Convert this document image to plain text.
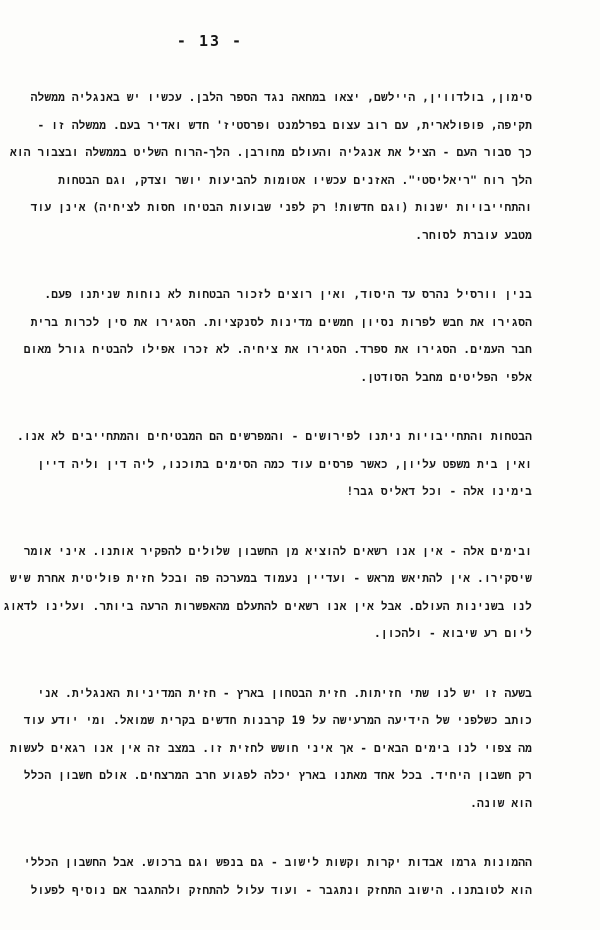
- 13 -
סימון, בולדווין, היילשם, יצאו במחאה נגד הספר הלבן. עכשיו יש באנגליה ממשלה
תקיפה, פופולארית, עם רוב עצום בפרלמנט ופרסטיז' חדש ואדיר בעם. ממשלה זו -
כך סבור העם - הציל את אנגליה והעולם מחורבן. הלך-הרוח השליט בממשלה ובצבור הוא
הלך רוח "ריאליסטי". האזנים עכשיו אטומות להביעות יושר וצדק, וגם הבטחות
והתחייבויות ישנות (וגם חדשות! רק לפני שבועות הבטיחו חסות לציחיה) אינן עוד
מטבע עוברת לסוחר.
בנין וורסיל נהרס עד היסוד, ואין רוצים לזכור הבטחות לא נוחות שניתנו פעם.
הסגירו את חבש לפרות נסיון חמשים מדינות לסנקציות. הסגירו את סין לכרות ברית
חבר העמים. הסגירו את ספרד. הסגירו את ציחיה. לא זכרו אפילו להבטיח גורל מאום
אלפי הפליטים מחבל הסודטן.
הבטחות והתחייבויות ניתנו לפירושים - והמפרשים הם המבטיחים והמתחייבים לא אנו.
ואין בית משפט עליון, כאשר פרסים עוד כמה הסימים בתוכנו, ליה דין וליה דיין
בימינו אלה - וכל דאליס גבר!
ובימים אלה - אין אנו רשאים להוציא מן החשבון שלולים להפקיר אותנו. איני אומר
שיסקירו. אין להתיאש מראש - ועדיין נעמוד במערכה פה ובכל חזית פוליטית אחרת שיש
לנו בשנינות העולם. אבל אין אנו רשאים להתעלם מהאפשרות הרעה ביותר. ועלינו לדאוג
ליום רע שיבוא - ולהכון.
בשעה זו יש לנו שתי חזיתות. חזית הבטחון בארץ - חזית המדיניות האנגלית. אני
כותב כשלפני של הידיעה המרעישה על 19 קרבנות חדשים בקרית שמואל. ומי יודע עוד
מה צפוי לנו בימים הבאים - אך איני חושש לחזית זו. במצב זה אין אנו רגאים לעשות
רק חשבון היחיד. בכל אחד מאתנו בארץ יכלה לפגוע חרב המרצחים. אולם חשבון הכלל
הוא שונה.
ההמונות גרמו אבדות יקרות וקשות לישוב - גם בנפש וגם ברכוש. אבל החשבון הכללי
הוא לטובתנו. הישוב התחזק ונתגבר - ועוד עלול להתחזק ולהתגבר אם נוסיף לפעול
